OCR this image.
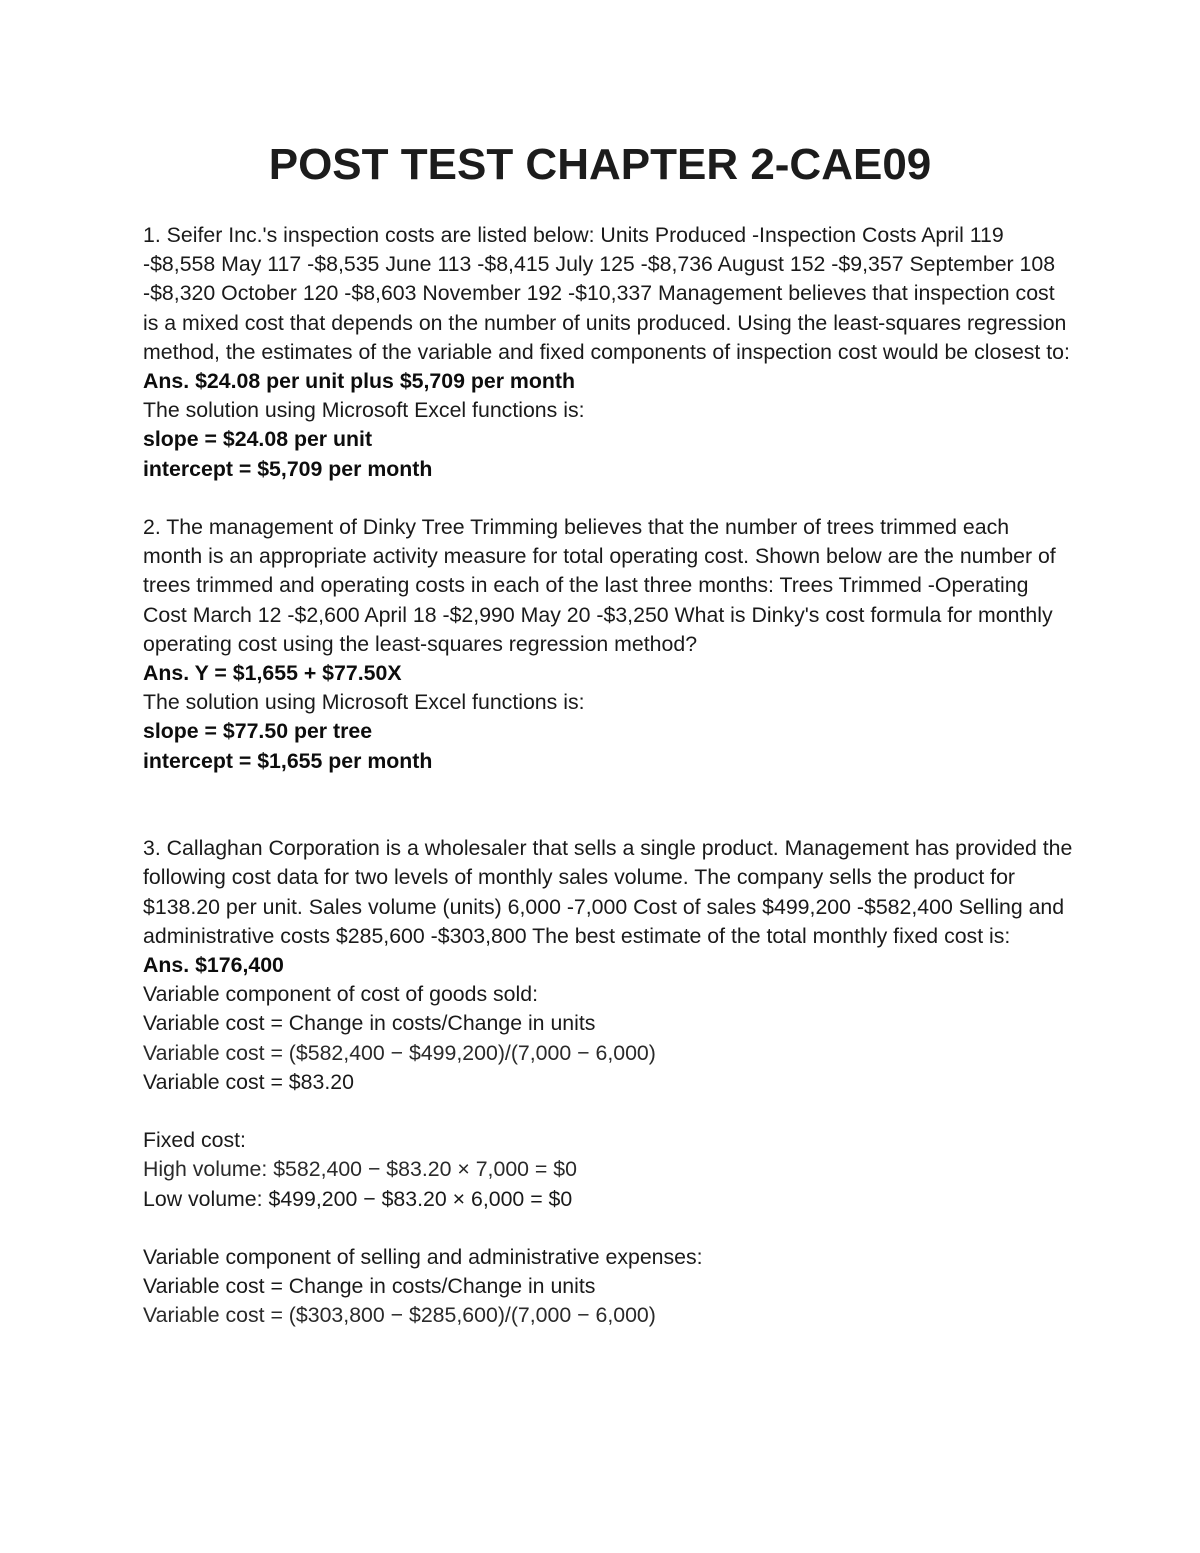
POST TEST CHAPTER 2-CAE09

1. Seifer Inc.'s inspection costs are listed below: Units Produced -Inspection Costs April 119 -$8,558 May 117 -$8,535 June 113 -$8,415 July 125 -$8,736 August 152 -$9,357 September 108 -$8,320 October 120 -$8,603 November 192 -$10,337 Management believes that inspection cost is a mixed cost that depends on the number of units produced. Using the least-squares regression method, the estimates of the variable and fixed components of inspection cost would be closest to:

Ans. $24.08 per unit plus $5,709 per month

The solution using Microsoft Excel functions is:

slope = $24.08 per unit

intercept = $5,709 per month

2. The management of Dinky Tree Trimming believes that the number of trees trimmed each month is an appropriate activity measure for total operating cost. Shown below are the number of trees trimmed and operating costs in each of the last three months: Trees Trimmed -Operating Cost March 12 -$2,600 April 18 -$2,990 May 20 -$3,250 What is Dinky's cost formula for monthly operating cost using the least-squares regression method?

Ans. Y = $1,655 + $77.50X

The solution using Microsoft Excel functions is:

slope = $77.50 per tree

intercept = $1,655 per month

3. Callaghan Corporation is a wholesaler that sells a single product. Management has provided the following cost data for two levels of monthly sales volume. The company sells the product for $138.20 per unit. Sales volume (units) 6,000 -7,000 Cost of sales $499,200 -$582,400 Selling and administrative costs $285,600 -$303,800 The best estimate of the total monthly fixed cost is:

Ans. $176,400

Variable component of cost of goods sold:

Variable cost = Change in costs/Change in units

Variable cost = ($582,400 − $499,200)/(7,000 − 6,000)

Variable cost = $83.20

Fixed cost:

High volume: $582,400 − $83.20 × 7,000 = $0

Low volume: $499,200 − $83.20 × 6,000 = $0

Variable component of selling and administrative expenses:

Variable cost = Change in costs/Change in units

Variable cost = ($303,800 − $285,600)/(7,000 − 6,000)
